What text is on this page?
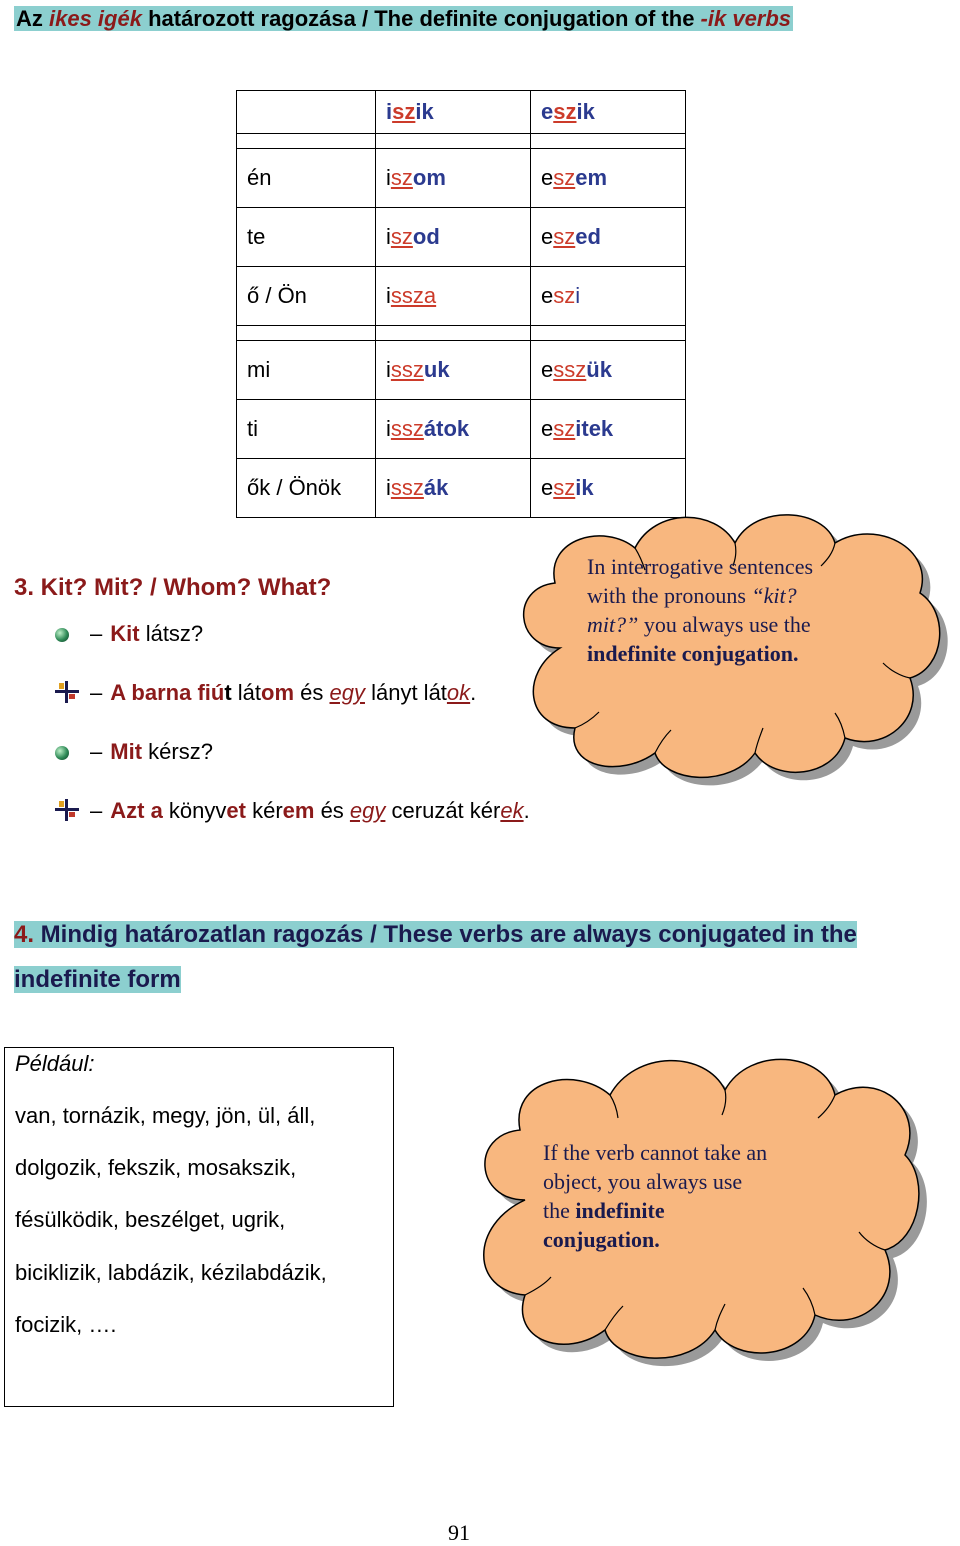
Az ikes igék határozott ragozása / The definite conjugation of the -ik verbs
	iszik	eszik

én	iszom	eszem
te	iszod	eszed
ő / Ön	issza	eszi

mi	isszuk	esszük
ti	isszátok	eszitek
ők / Önök	isszák	eszik
In interrogative sentences
with the pronouns “kit?
mit?” you always use the
indefinite conjugation.
3. Kit? Mit? / Whom? What?
– Kit látsz?
– A barna fiút látom és egy lányt látok.
– Mit kérsz?
– Azt a könyvet kérem és egy ceruzát kérek.
4. Mindig határozatlan ragozás / These verbs are always conjugated in the
indefinite form
Például:
van, tornázik, megy, jön, ül, áll,
dolgozik, fekszik, mosakszik,
fésülködik, beszélget, ugrik,
biciklizik, labdázik, kézilabdázik,
focizik, ….
If the verb cannot take an
object, you always use
the indefinite
conjugation.
91
